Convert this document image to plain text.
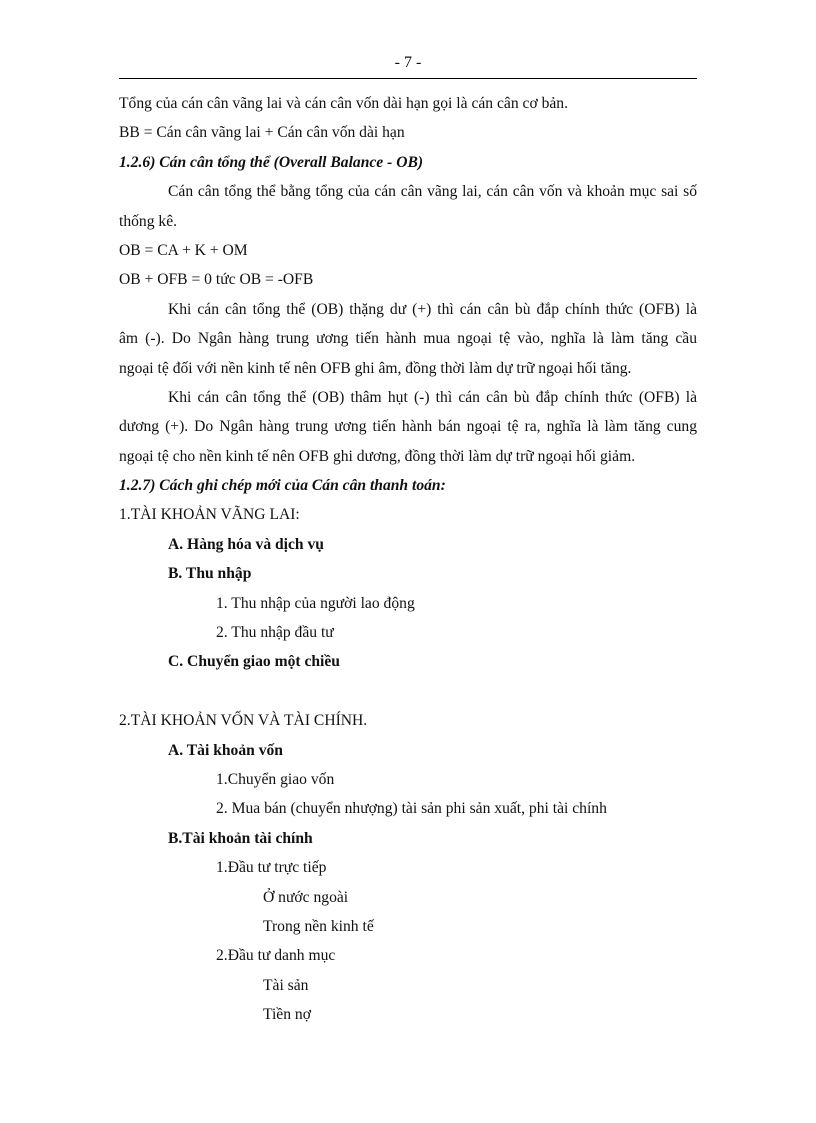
- 7 -
Tổng của cán cân vãng lai và cán cân vốn dài hạn gọi là cán cân cơ bản.
BB = Cán cân vãng lai + Cán cân vốn dài hạn
1.2.6) Cán cân tổng thể (Overall Balance - OB)
Cán cân tổng thể bằng tổng của cán cân vãng lai, cán cân vốn và khoản mục sai số
thống kê.
OB = CA + K + OM
OB + OFB = 0 tức OB = -OFB
Khi cán cân tổng thể (OB) thặng dư (+) thì cán cân bù đắp chính thức (OFB) là
âm (-). Do Ngân hàng trung ương tiến hành mua ngoại tệ vào, nghĩa là làm tăng cầu
ngoại tệ đối với nền kinh tế nên OFB ghi âm, đồng thời làm dự trữ ngoại hối tăng.
Khi cán cân tổng thể (OB) thâm hụt (-) thì cán cân bù đắp chính thức (OFB) là
dương (+). Do Ngân hàng trung ương tiến hành bán ngoại tệ ra, nghĩa là làm tăng cung
ngoại tệ cho nền kinh tế nên OFB ghi dương, đồng thời làm dự trữ ngoại hối giảm.
1.2.7) Cách ghi chép mới của Cán cân thanh toán:
1.TÀI KHOẢN VÃNG LAI:
A. Hàng hóa và dịch vụ
B. Thu nhập
1. Thu nhập của người lao động
2. Thu nhập đầu tư
C. Chuyển giao một chiều
2.TÀI KHOẢN VỐN VÀ TÀI CHÍNH.
A. Tài khoản vốn
1.Chuyển giao vốn
2. Mua bán (chuyển nhượng) tài sản phi sản xuất, phi tài chính
B.Tài khoản tài chính
1.Đầu tư trực tiếp
Ở nước ngoài
Trong nền kinh tế
2.Đầu tư danh mục
Tài sản
Tiền nợ
